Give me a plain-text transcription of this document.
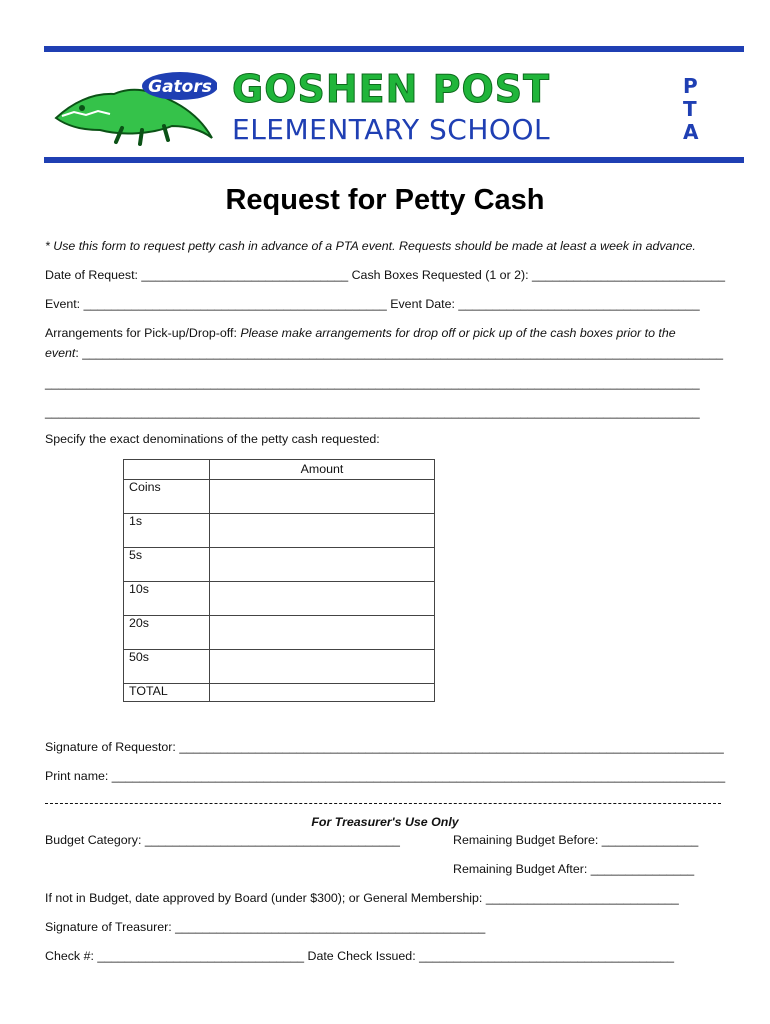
Gators GOSHEN POST
ELEMENTARY SCHOOL
P
T
A
Request for Petty Cash
* Use this form to request petty cash in advance of a PTA event. Requests should be made at least a week in advance.
Date of Request: ______________________________ Cash Boxes Requested (1 or 2): ____________________________
Event: ____________________________________________ Event Date: ___________________________________
Arrangements for Pick-up/Drop-off: Please make arrangements for drop off or pick up of the cash boxes prior to the
event: _____________________________________________________________________________________________
_______________________________________________________________________________________________
_______________________________________________________________________________________________
Specify the exact denominations of the petty cash requested:
	Amount
Coins	
1s	
5s	
10s	
20s	
50s	
TOTAL	
Signature of Requestor: _______________________________________________________________________________
Print name: _________________________________________________________________________________________
For Treasurer's Use Only
Budget Category: _____________________________________	Remaining Budget Before: ______________
Remaining Budget After: _______________
If not in Budget, date approved by Board (under $300); or General Membership: ____________________________
Signature of Treasurer: _____________________________________________
Check #: ______________________________ Date Check Issued: _____________________________________
